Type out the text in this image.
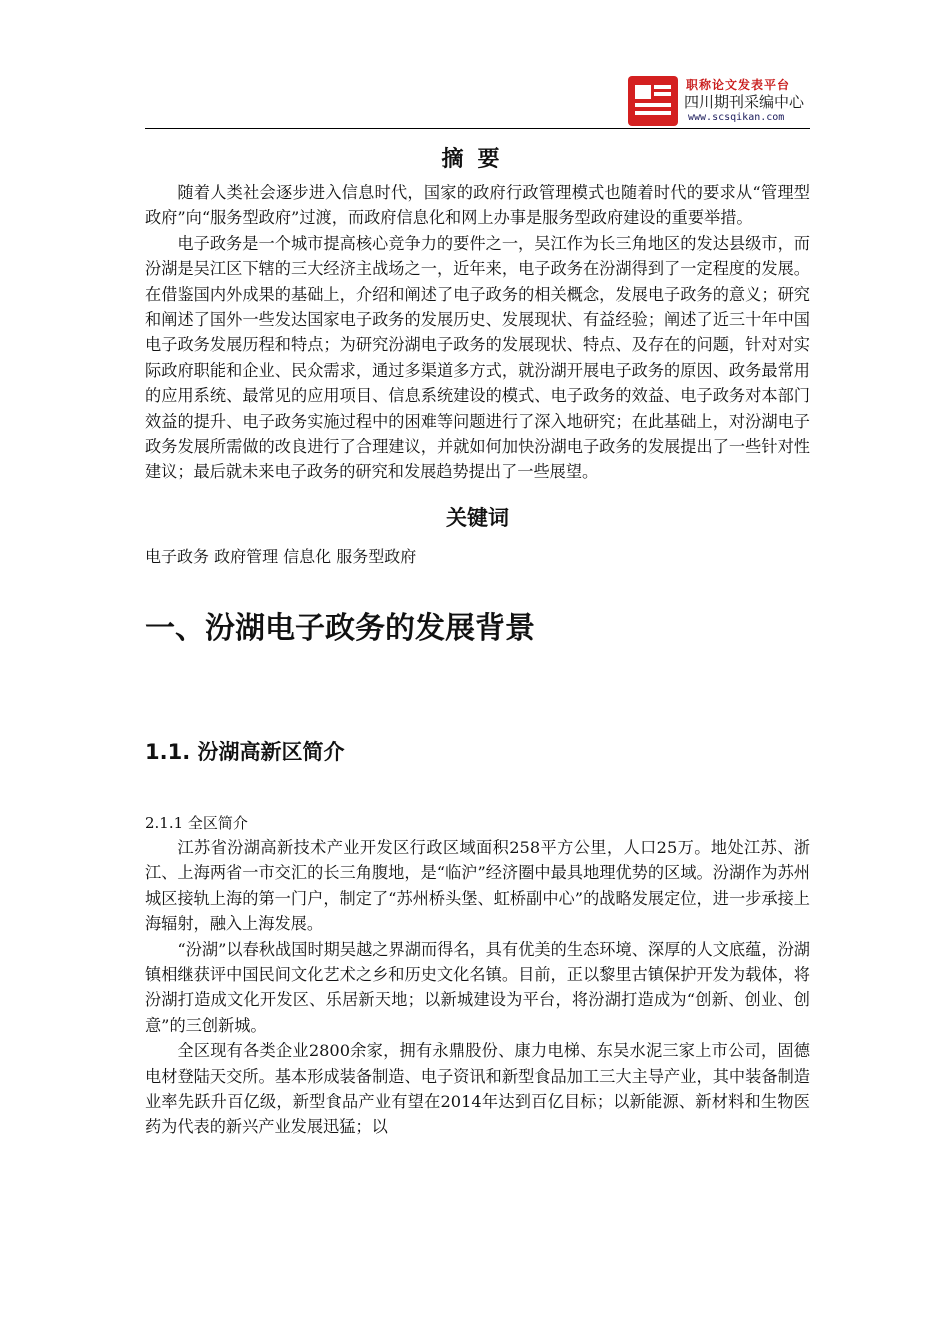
职称论文发表平台
四川期刊采编中心
www.scsqikan.com
摘要

随着人类社会逐步进入信息时代，国家的政府行政管理模式也随着时代的要求从“管理型政府”向“服务型政府”过渡，而政府信息化和网上办事是服务型政府建设的重要举措。

电子政务是一个城市提高核心竞争力的要件之一，吴江作为长三角地区的发达县级市，而汾湖是吴江区下辖的三大经济主战场之一，近年来，电子政务在汾湖得到了一定程度的发展。在借鉴国内外成果的基础上，介绍和阐述了电子政务的相关概念，发展电子政务的意义；研究和阐述了国外一些发达国家电子政务的发展历史、发展现状、有益经验；阐述了近三十年中国电子政务发展历程和特点；为研究汾湖电子政务的发展现状、特点、及存在的问题，针对对实际政府职能和企业、民众需求，通过多渠道多方式，就汾湖开展电子政务的原因、政务最常用的应用系统、最常见的应用项目、信息系统建设的模式、电子政务的效益、电子政务对本部门效益的提升、电子政务实施过程中的困难等问题进行了深入地研究；在此基础上，对汾湖电子政务发展所需做的改良进行了合理建议，并就如何加快汾湖电子政务的发展提出了一些针对性建议；最后就未来电子政务的研究和发展趋势提出了一些展望。

关键词

电子政务 政府管理 信息化 服务型政府

一、汾湖电子政务的发展背景
1.1. 汾湖高新区简介
2.1.1 全区简介

江苏省汾湖高新技术产业开发区行政区域面积258平方公里，人口25万。地处江苏、浙江、上海两省一市交汇的长三角腹地，是“临沪”经济圈中最具地理优势的区域。汾湖作为苏州城区接轨上海的第一门户，制定了“苏州桥头堡、虹桥副中心”的战略发展定位，进一步承接上海辐射，融入上海发展。

“汾湖”以春秋战国时期吴越之界湖而得名，具有优美的生态环境、深厚的人文底蕴，汾湖镇相继获评中国民间文化艺术之乡和历史文化名镇。目前，正以黎里古镇保护开发为载体，将汾湖打造成文化开发区、乐居新天地；以新城建设为平台，将汾湖打造成为“创新、创业、创意”的三创新城。

全区现有各类企业2800余家，拥有永鼎股份、康力电梯、东吴水泥三家上市公司，固德电材登陆天交所。基本形成装备制造、电子资讯和新型食品加工三大主导产业，其中装备制造业率先跃升百亿级，新型食品产业有望在2014年达到百亿目标；以新能源、新材料和生物医药为代表的新兴产业发展迅猛；以
